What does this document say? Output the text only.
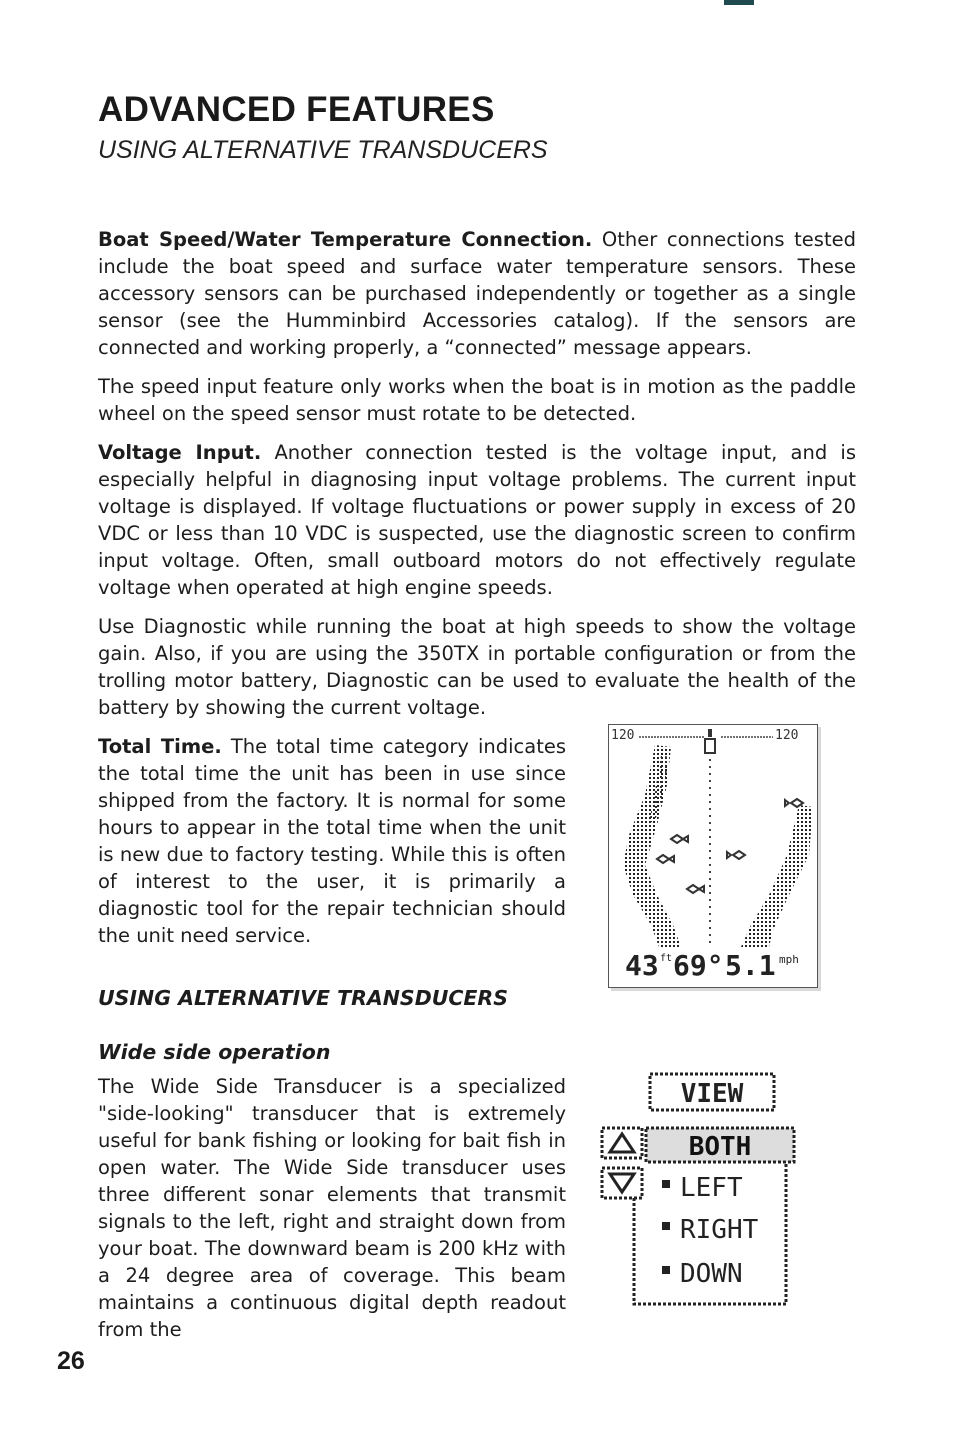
ADVANCED FEATURES
USING ALTERNATIVE TRANSDUCERS

Boat Speed/Water Temperature Connection. Other connections tested include the boat speed and surface water temperature sensors. These accessory sensors can be purchased independently or together as a single sensor (see the Humminbird Accessories catalog). If the sensors are connected and working properly, a “connected” message appears.

The speed input feature only works when the boat is in motion as the paddle wheel on the speed sensor must rotate to be detected.

Voltage Input. Another connection tested is the voltage input, and is especially helpful in diagnosing input voltage problems. The current input voltage is displayed. If voltage fluctuations or power supply in excess of 20 VDC or less than 10 VDC is suspected, use the diagnostic screen to confirm input voltage. Often, small outboard motors do not effectively regulate voltage when operated at high engine speeds.

Use Diagnostic while running the boat at high speeds to show the voltage gain. Also, if you are using the 350TX in portable configuration or from the trolling motor battery, Diagnostic can be used to evaluate the health of the battery by showing the current voltage.

Total Time. The total time category indicates the total time the unit has been in use since shipped from the factory. It is normal for some hours to appear in the total time when the unit is new due to factory testing. While this is often of interest to the user, it is primarily a diagnostic tool for the repair technician should the unit need service.

120	120
43 ft 69° 5.1 mph
USING ALTERNATIVE TRANSDUCERS
Wide side operation

The Wide Side Transducer is a specialized "side-looking" transducer that is extremely useful for bank fishing or looking for bait fish in open water. The Wide Side transducer uses three different sonar elements that transmit signals to the left, right and straight down from your boat. The downward beam is 200 kHz with a 24 degree area of coverage. This beam maintains a continuous digital depth readout from the

VIEW
BOTH
LEFT
RIGHT
DOWN
26
